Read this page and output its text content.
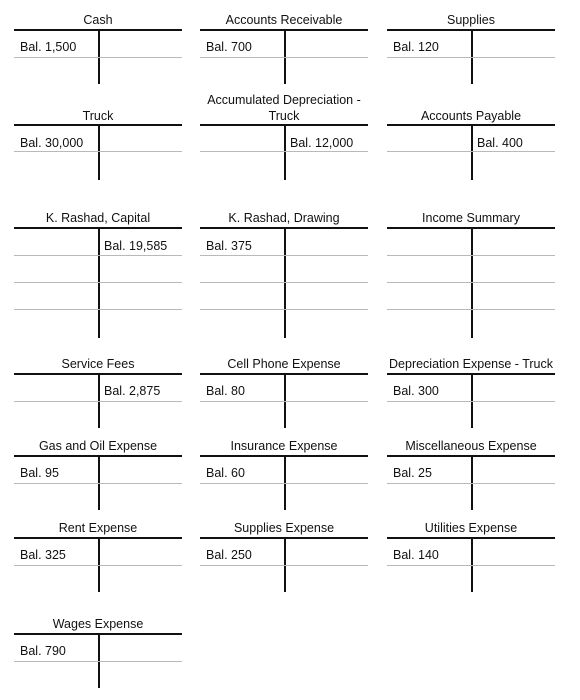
Cash
Bal. 1,500
Accounts Receivable
Bal. 700
Supplies
Bal. 120
Truck
Bal. 30,000
Accumulated Depreciation -
Truck
Bal. 12,000
Accounts Payable
Bal. 400
K. Rashad, Capital
Bal. 19,585
K. Rashad, Drawing
Bal. 375
Income Summary
Service Fees
Bal. 2,875
Cell Phone Expense
Bal. 80
Depreciation Expense - Truck
Bal. 300
Gas and Oil Expense
Bal. 95
Insurance Expense
Bal. 60
Miscellaneous Expense
Bal. 25
Rent Expense
Bal. 325
Supplies Expense
Bal. 250
Utilities Expense
Bal. 140
Wages Expense
Bal. 790
